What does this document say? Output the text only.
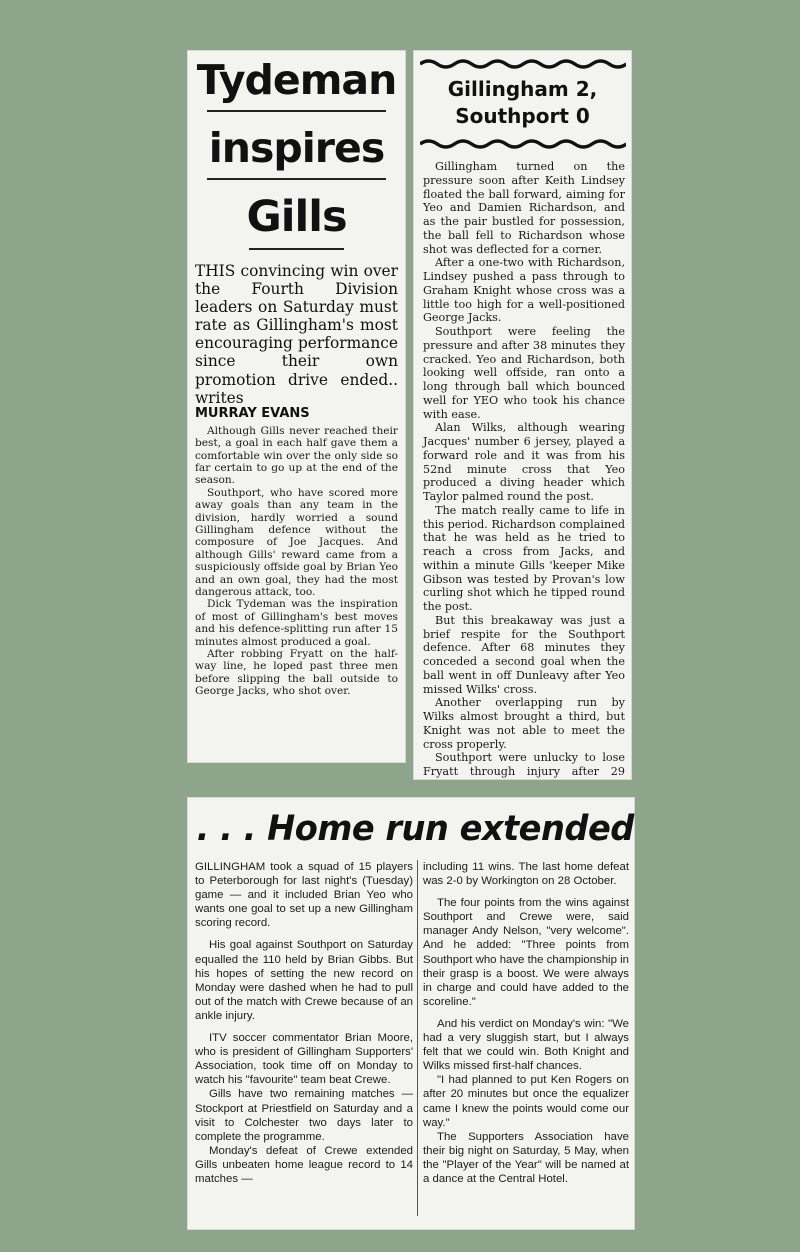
Tydeman
inspires
Gills
THIS convincing win over the Fourth Division leaders on Saturday must rate as Gillingham's most encouraging performance since their own promotion drive ended.. writes
MURRAY EVANS

Although Gills never reached their best, a goal in each half gave them a comfortable win over the only side so far certain to go up at the end of the season.

Southport, who have scored more away goals than any team in the division, hardly worried a sound Gillingham defence without the composure of Joe Jacques. And although Gills' reward came from a suspiciously offside goal by Brian Yeo and an own goal, they had the most dangerous attack, too.

Dick Tydeman was the inspiration of most of Gillingham's best moves and his defence-splitting run after 15 minutes almost produced a goal.

After robbing Fryatt on the half-way line, he loped past three men before slipping the ball outside to George Jacks, who shot over.

Gillingham 2,
Southport 0

Gillingham turned on the pressure soon after Keith Lindsey floated the ball forward, aiming for Yeo and Damien Richardson, and as the pair bustled for possession, the ball fell to Richardson whose shot was deflected for a corner.

After a one-two with Richardson, Lindsey pushed a pass through to Graham Knight whose cross was a little too high for a well-positioned George Jacks.

Southport were feeling the pressure and after 38 minutes they cracked. Yeo and Richardson, both looking well offside, ran onto a long through ball which bounced well for YEO who took his chance with ease.

Alan Wilks, although wearing Jacques' number 6 jersey, played a forward role and it was from his 52nd minute cross that Yeo produced a diving header which Taylor palmed round the post.

The match really came to life in this period. Richardson complained that he was held as he tried to reach a cross from Jacks, and within a minute Gills 'keeper Mike Gibson was tested by Provan's low curling shot which he tipped round the post.

But this breakaway was just a brief respite for the Southport defence. After 68 minutes they conceded a second goal when the ball went in off Dunleavy after Yeo missed Wilks' cross.

Another overlapping run by Wilks almost brought a third, but Knight was not able to meet the cross properly.

Southport were unlucky to lose Fryatt through injury after 29

. . . Home run extended

GILLINGHAM took a squad of 15 players to Peterborough for last night's (Tuesday) game — and it included Brian Yeo who wants one goal to set up a new Gillingham scoring record.

His goal against Southport on Saturday equalled the 110 held by Brian Gibbs. But his hopes of setting the new record on Monday were dashed when he had to pull out of the match with Crewe because of an ankle injury.

ITV soccer commentator Brian Moore, who is president of Gillingham Supporters' Association, took time off on Monday to watch his "favourite" team beat Crewe.

Gills have two remaining matches — Stockport at Priestfield on Saturday and a visit to Colchester two days later to complete the programme.

Monday's defeat of Crewe extended Gills unbeaten home league record to 14 matches —

including 11 wins. The last home defeat was 2-0 by Workington on 28 October.

The four points from the wins against Southport and Crewe were, said manager Andy Nelson, "very welcome". And he added: "Three points from Southport who have the championship in their grasp is a boost. We were always in charge and could have added to the scoreline."

And his verdict on Monday's win: "We had a very sluggish start, but I always felt that we could win. Both Knight and Wilks missed first-half chances.

"I had planned to put Ken Rogers on after 20 minutes but once the equalizer came I knew the points would come our way."

The Supporters Association have their big night on Saturday, 5 May, when the "Player of the Year" will be named at a dance at the Central Hotel.
